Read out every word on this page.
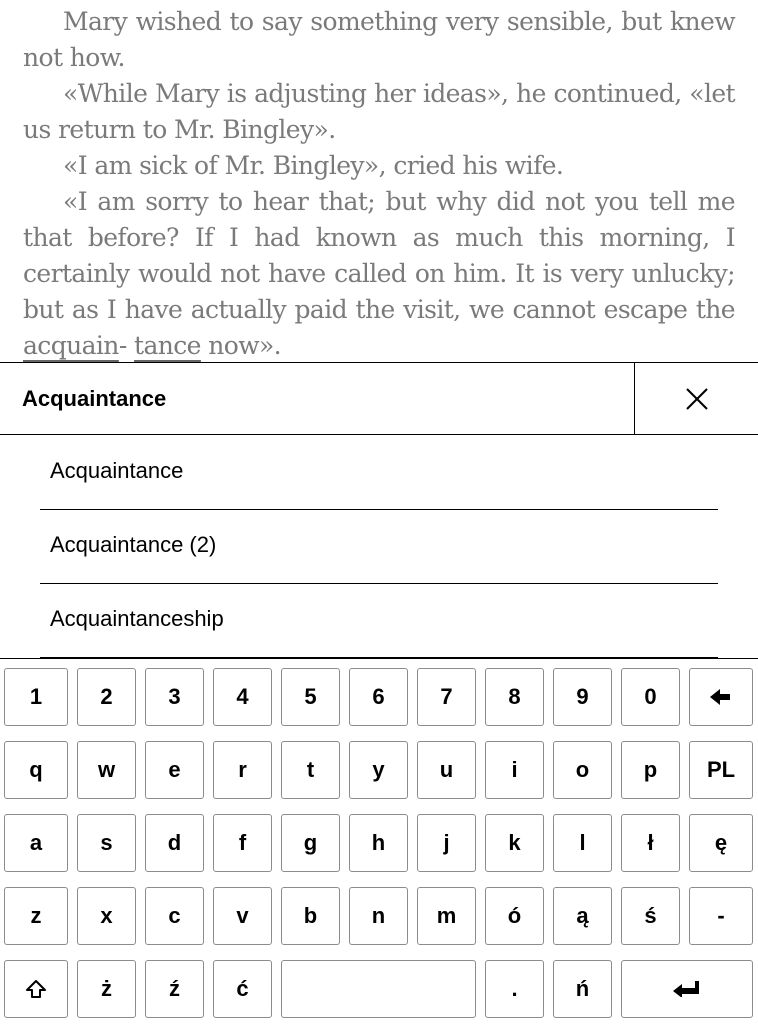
Mary wished to say something very sensible, but knew not how.

«While Mary is adjusting her ideas», he continued, «let us return to Mr. Bingley».

«I am sick of Mr. Bingley», cried his wife.

«I am sorry to hear that; but why did not you tell me that before? If I had known as much this morning, I certainly would not have called on him. It is very unlucky; but as I have actually paid the visit, we cannot escape the acquain- tance now».

Acquaintance
Acquaintance
Acquaintance (2)
Acquaintanceship
1	2	3	4	5	6	7	8	9	0
q	w	e	r	t	y	u	i	o	p	PL
a	s	d	f	g	h	j	k	l	ł	ę
z	x	c	v	b	n	m	ó	ą	ś	-
ż	ź	ć	.	ń
